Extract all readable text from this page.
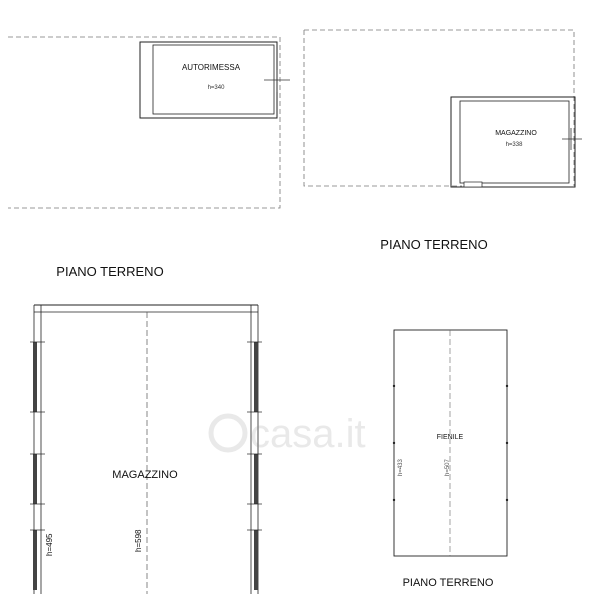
AUTORIMESSA
h=340
MAGAZZINO
h=338
PIANO TERRENO
PIANO TERRENO
MAGAZZINO
h=495	h=598
FIENILE
h=433	h=507
PIANO TERRENO
casa.it
